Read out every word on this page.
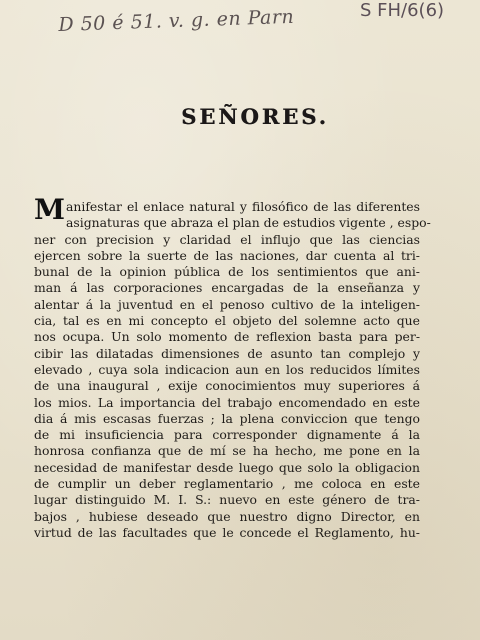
D 50 é 51. v. g. en Parn	S FH/6(6)
SEÑORES.
Manifestar el enlace natural y filosófico de las diferentes
asignaturas que abraza el plan de estudios vigente , espo-
ner con precision y claridad el influjo que las ciencias
ejercen sobre la suerte de las naciones, dar cuenta al tri-
bunal de la opinion pública de los sentimientos que ani-
man á las corporaciones encargadas de la enseñanza y
alentar á la juventud en el penoso cultivo de la inteligen-
cia, tal es en mi concepto el objeto del solemne acto que
nos ocupa. Un solo momento de reflexion basta para per-
cibir las dilatadas dimensiones de asunto tan complejo y
elevado , cuya sola indicacion aun en los reducidos límites
de una inaugural , exije conocimientos muy superiores á
los mios. La importancia del trabajo encomendado en este
dia á mis escasas fuerzas ; la plena conviccion que tengo
de mi insuficiencia para corresponder dignamente á la
honrosa confianza que de mí se ha hecho, me pone en la
necesidad de manifestar desde luego que solo la obligacion
de cumplir un deber reglamentario , me coloca en este
lugar distinguido M. I. S.: nuevo en este género de tra-
bajos , hubiese deseado que nuestro digno Director, en
virtud de las facultades que le concede el Reglamento, hu-
